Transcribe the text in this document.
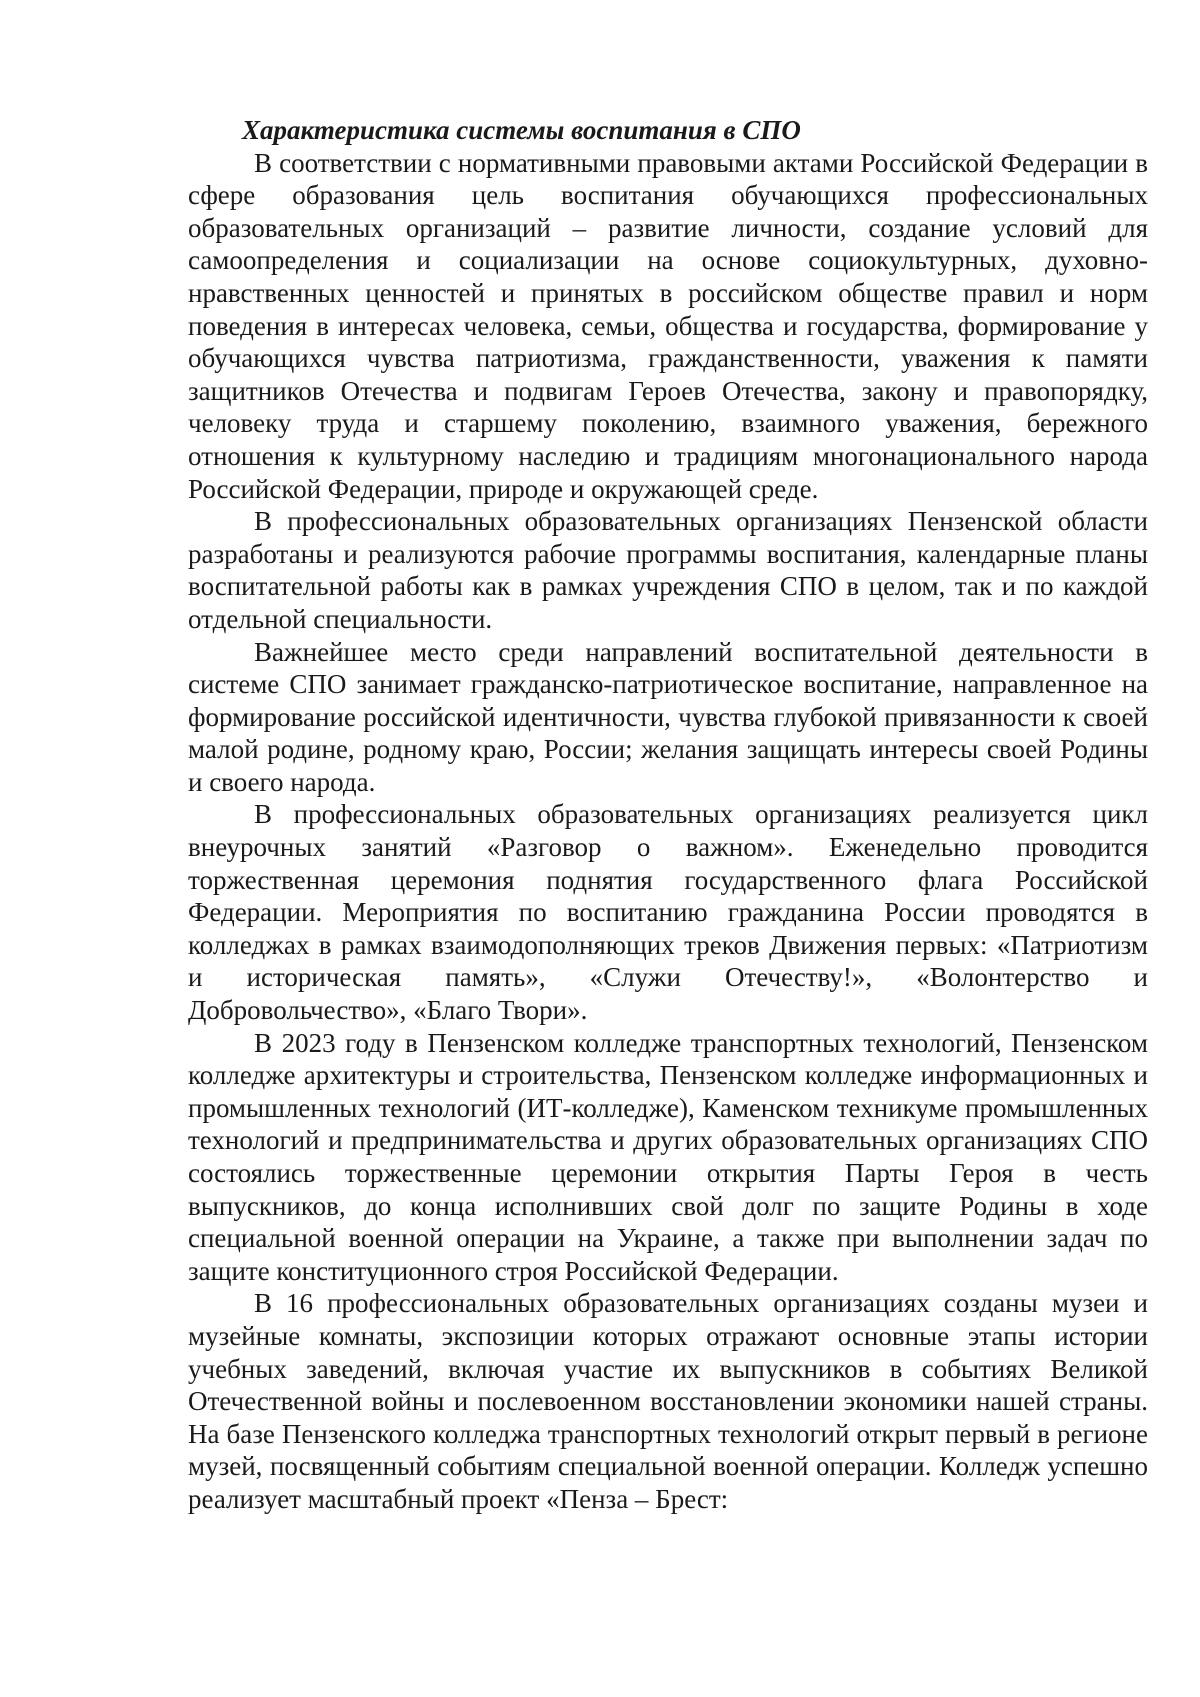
Характеристика системы воспитания в СПО

В соответствии с нормативными правовыми актами Российской Федерации в сфере образования цель воспитания обучающихся профессиональных образовательных организаций – развитие личности, создание условий для самоопределения и социализации на основе социокультурных, духовно-нравственных ценностей и принятых в российском обществе правил и норм поведения в интересах человека, семьи, общества и государства, формирование у обучающихся чувства патриотизма, гражданственности, уважения к памяти защитников Отечества и подвигам Героев Отечества, закону и правопорядку, человеку труда и старшему поколению, взаимного уважения, бережного отношения к культурному наследию и традициям многонационального народа Российской Федерации, природе и окружающей среде.

В профессиональных образовательных организациях Пензенской области разработаны и реализуются рабочие программы воспитания, календарные планы воспитательной работы как в рамках учреждения СПО в целом, так и по каждой отдельной специальности.

Важнейшее место среди направлений воспитательной деятельности в системе СПО занимает гражданско-патриотическое воспитание, направленное на формирование российской идентичности, чувства глубокой привязанности к своей малой родине, родному краю, России; желания защищать интересы своей Родины и своего народа.

В профессиональных образовательных организациях реализуется цикл внеурочных занятий «Разговор о важном». Еженедельно проводится торжественная церемония поднятия государственного флага Российской Федерации. Мероприятия по воспитанию гражданина России проводятся в колледжах в рамках взаимодополняющих треков Движения первых: «Патриотизм и историческая память», «Служи Отечеству!», «Волонтерство и Добровольчество», «Благо Твори».

В 2023 году в Пензенском колледже транспортных технологий, Пензенском колледже архитектуры и строительства, Пензенском колледже информационных и промышленных технологий (ИТ-колледже), Каменском техникуме промышленных технологий и предпринимательства и других образовательных организациях СПО состоялись торжественные церемонии открытия Парты Героя в честь выпускников, до конца исполнивших свой долг по защите Родины в ходе специальной военной операции на Украине, а также при выполнении задач по защите конституционного строя Российской Федерации.

В 16 профессиональных образовательных организациях созданы музеи и музейные комнаты, экспозиции которых отражают основные этапы истории учебных заведений, включая участие их выпускников в событиях Великой Отечественной войны и послевоенном восстановлении экономики нашей страны. На базе Пензенского колледжа транспортных технологий открыт первый в регионе музей, посвященный событиям специальной военной операции. Колледж успешно реализует масштабный проект «Пенза – Брест:
